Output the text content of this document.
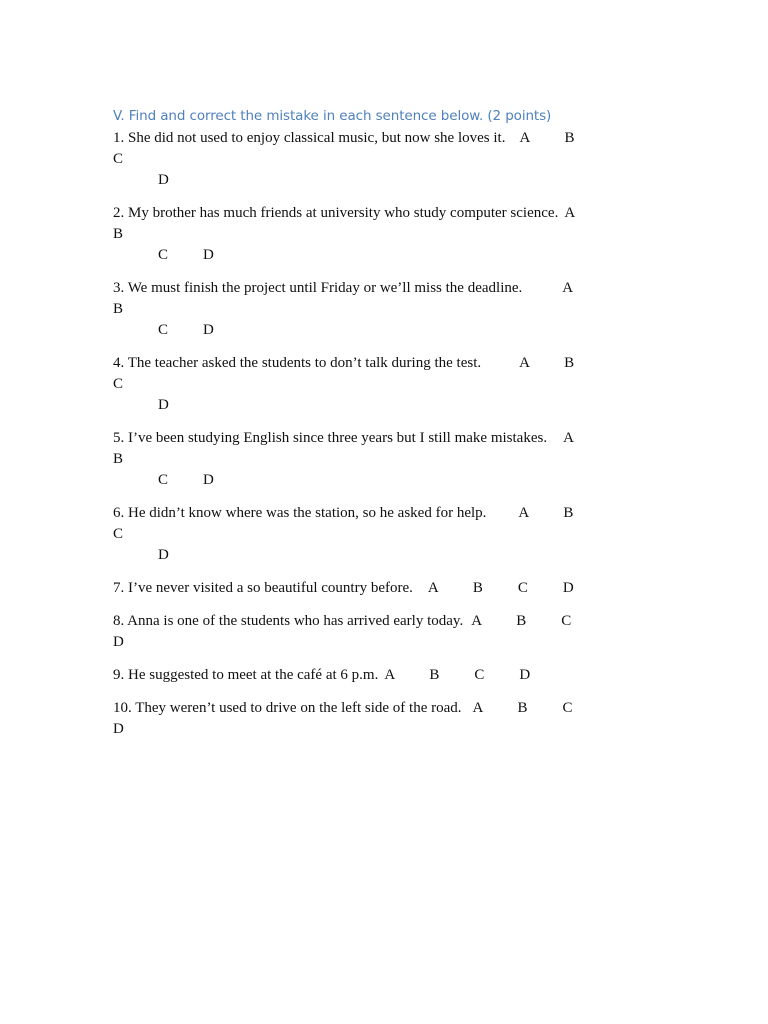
V. Find and correct the mistake in each sentence below. (2 points)
1. She did not used to enjoy classical music, but now she loves it. A BC
D
2. My brother has much friends at university who study computer science. AB
C D
3. We must finish the project until Friday or we’ll miss the deadline.	AB
C D
4. The teacher asked the students to don’t talk during the test.	A BC
D
5. I’ve been studying English since three years but I still make mistakes. AB
C D
6. He didn’t know where was the station, so he asked for help. A BC
D
7. I’ve never visited a so beautiful country before. A B C D
8. Anna is one of the students who has arrived early today. A B CD
9. He suggested to meet at the café at 6 p.m. A B C D
10. They weren’t used to drive on the left side of the road. A B CD
